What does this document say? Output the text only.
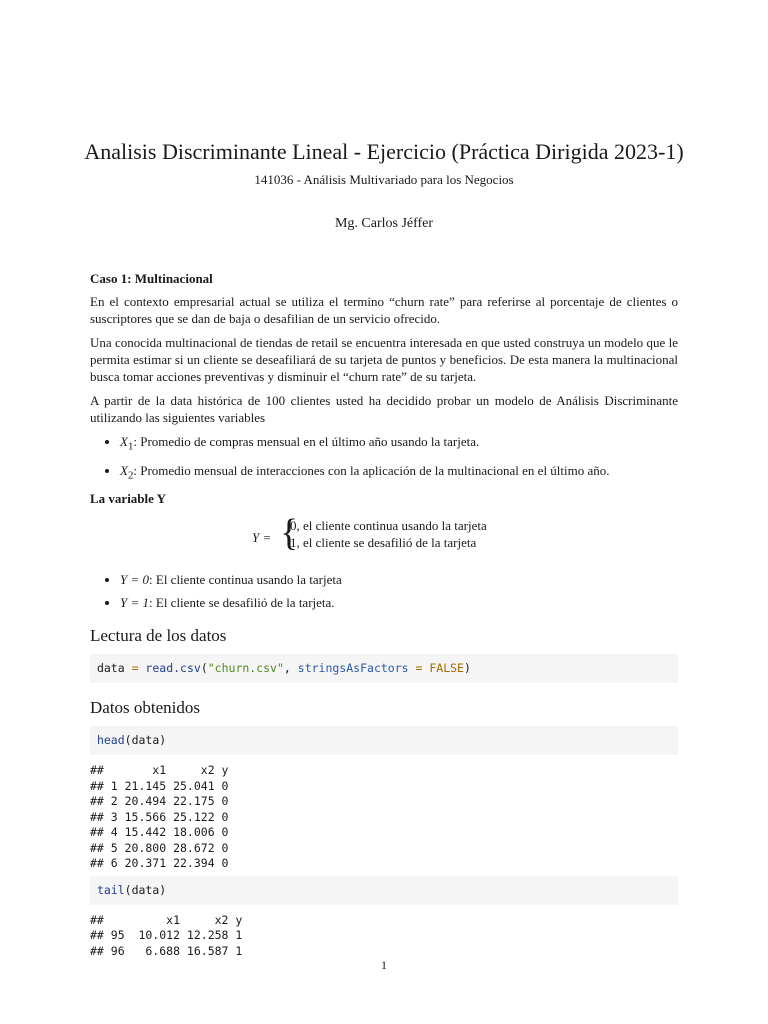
Analisis Discriminante Lineal - Ejercicio (Práctica Dirigida 2023-1)
141036 - Análisis Multivariado para los Negocios
Mg. Carlos Jéffer
Caso 1: Multinacional

En el contexto empresarial actual se utiliza el termino “churn rate” para referirse al porcentaje de clientes o suscriptores que se dan de baja o desafilian de un servicio ofrecido.

Una conocida multinacional de tiendas de retail se encuentra interesada en que usted construya un modelo que le permita estimar si un cliente se deseafiliará de su tarjeta de puntos y beneficios. De esta manera la multinacional busca tomar acciones preventivas y disminuir el “churn rate” de su tarjeta.

A partir de la data histórica de 100 clientes usted ha decidido probar un modelo de Análisis Discriminante utilizando las siguientes variables

• $X_1$: Promedio de compras mensual en el último año usando la tarjeta.
• $X_2$: Promedio mensual de interacciones con la aplicación de la multinacional en el último año.
La variable Y
Y = {
0, el cliente continua usando la tarjeta
1, el cliente se desafilió de la tarjeta
• Y = 0: El cliente continua usando la tarjeta
• Y = 1: El cliente se desafilió de la tarjeta.
Lectura de los datos
data = read.csv("churn.csv", stringsAsFactors = FALSE)
Datos obtenidos
head(data)
##       x1     x2 y
## 1 21.145 25.041 0
## 2 20.494 22.175 0
## 3 15.566 25.122 0
## 4 15.442 18.006 0
## 5 20.800 28.672 0
## 6 20.371 22.394 0
tail(data)
##         x1     x2 y
## 95  10.012 12.258 1
## 96   6.688 16.587 1
1
